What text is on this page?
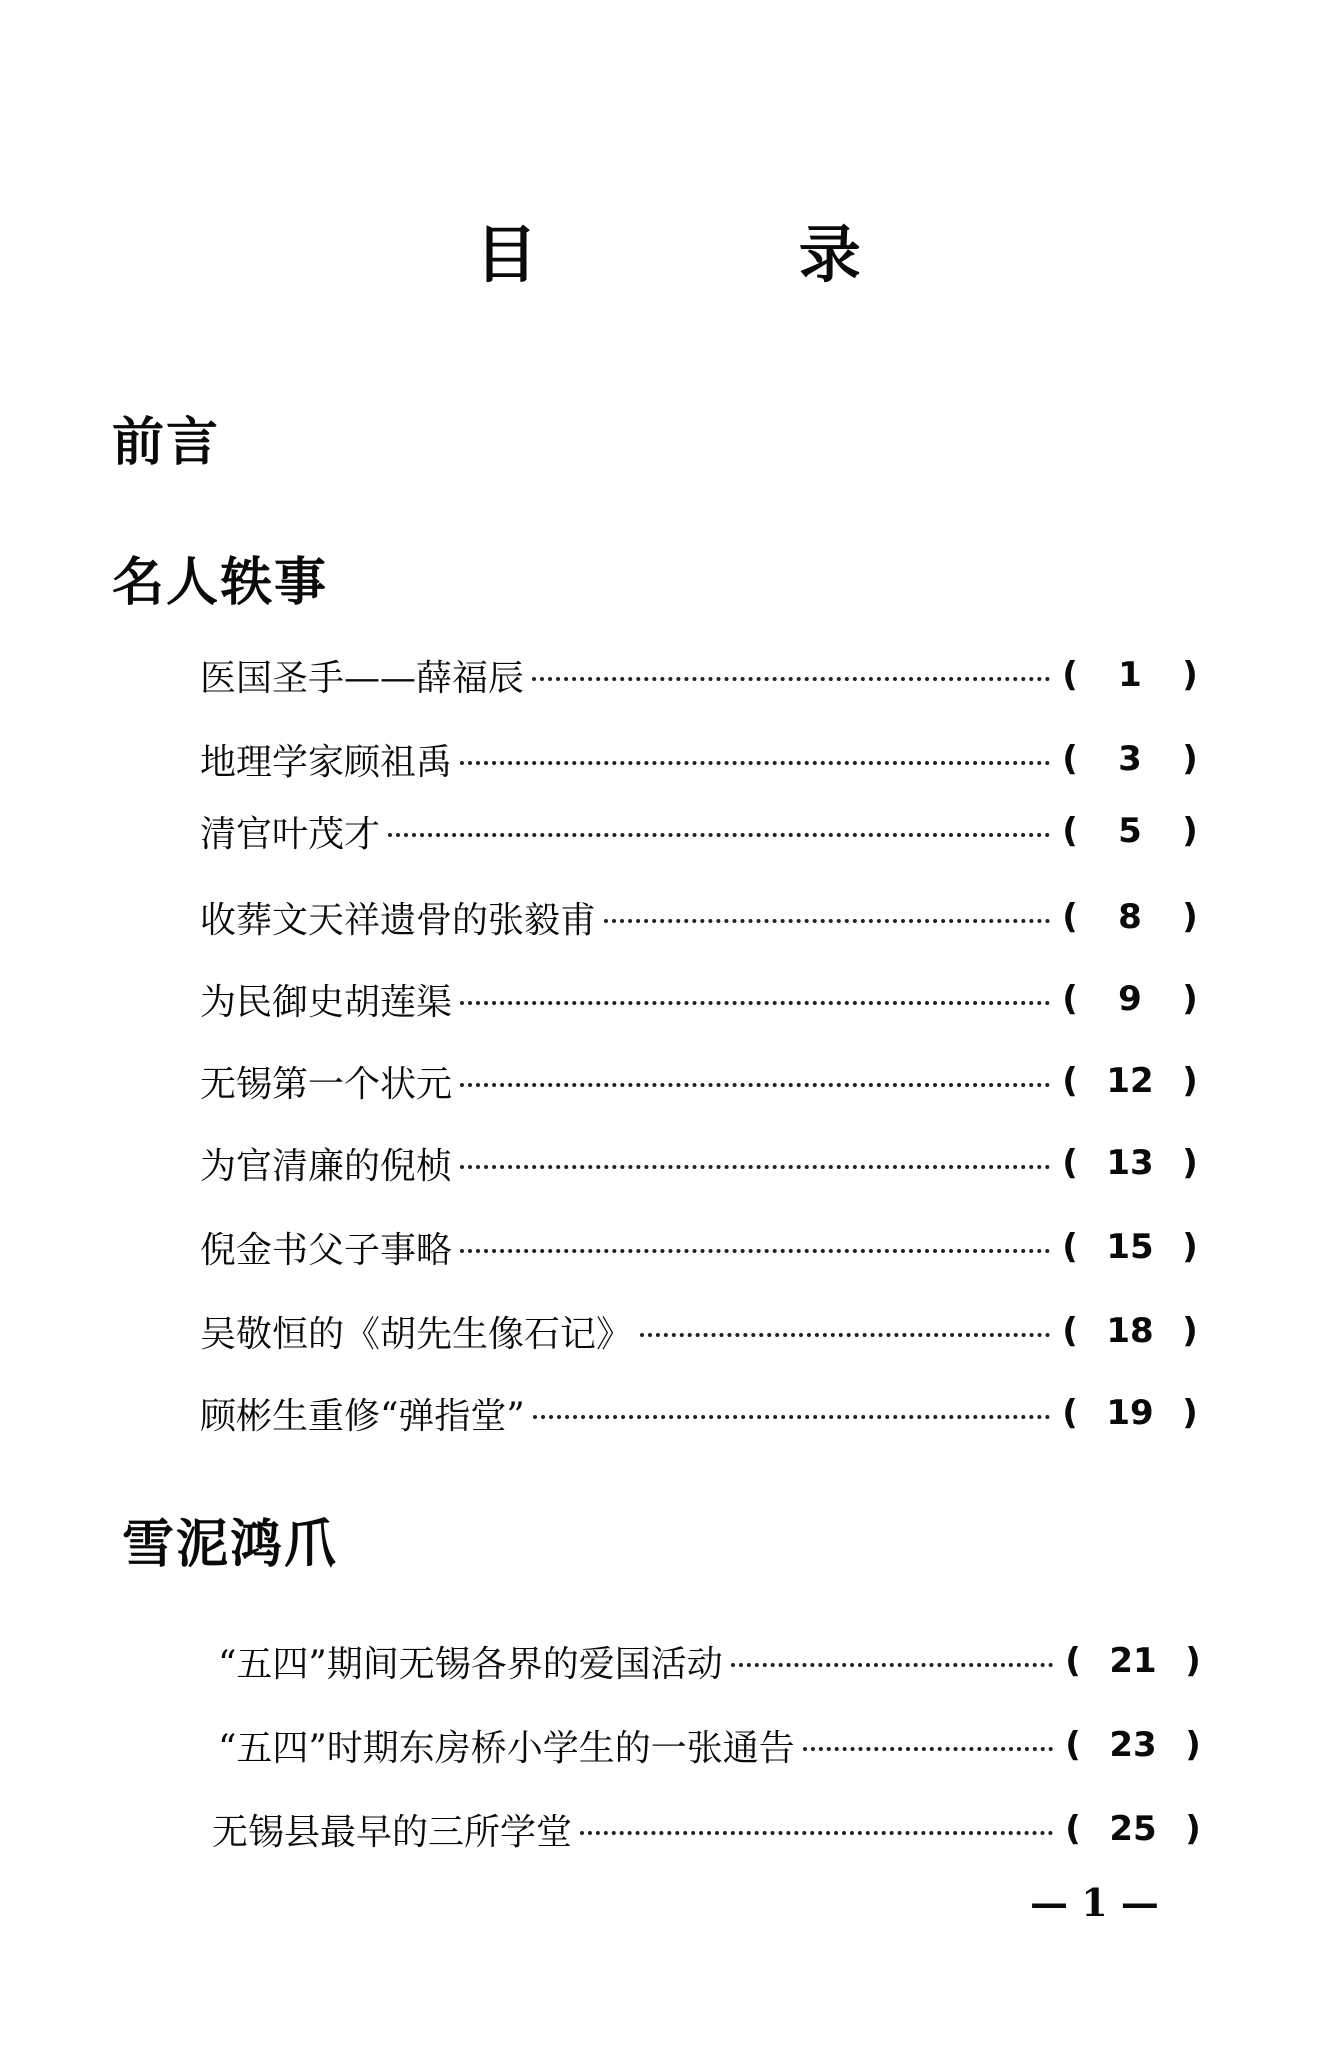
目 录
前言
名人轶事
医国圣手——薛福辰	(	1	)
地理学家顾祖禹	(	3	)
清官叶茂才	(	5	)
收葬文天祥遗骨的张毅甫	(	8	)
为民御史胡莲渠	(	9	)
无锡第一个状元	( 12 )
为官清廉的倪桢	( 13 )
倪金书父子事略	( 15 )
吴敬恒的《胡先生像石记》	( 18 )
顾彬生重修“弹指堂”	( 19 )
雪泥鸿爪
“五四”期间无锡各界的爱国活动	( 21 )
“五四”时期东房桥小学生的一张通告	( 23 )
无锡县最早的三所学堂	( 25 )
— 1 —
